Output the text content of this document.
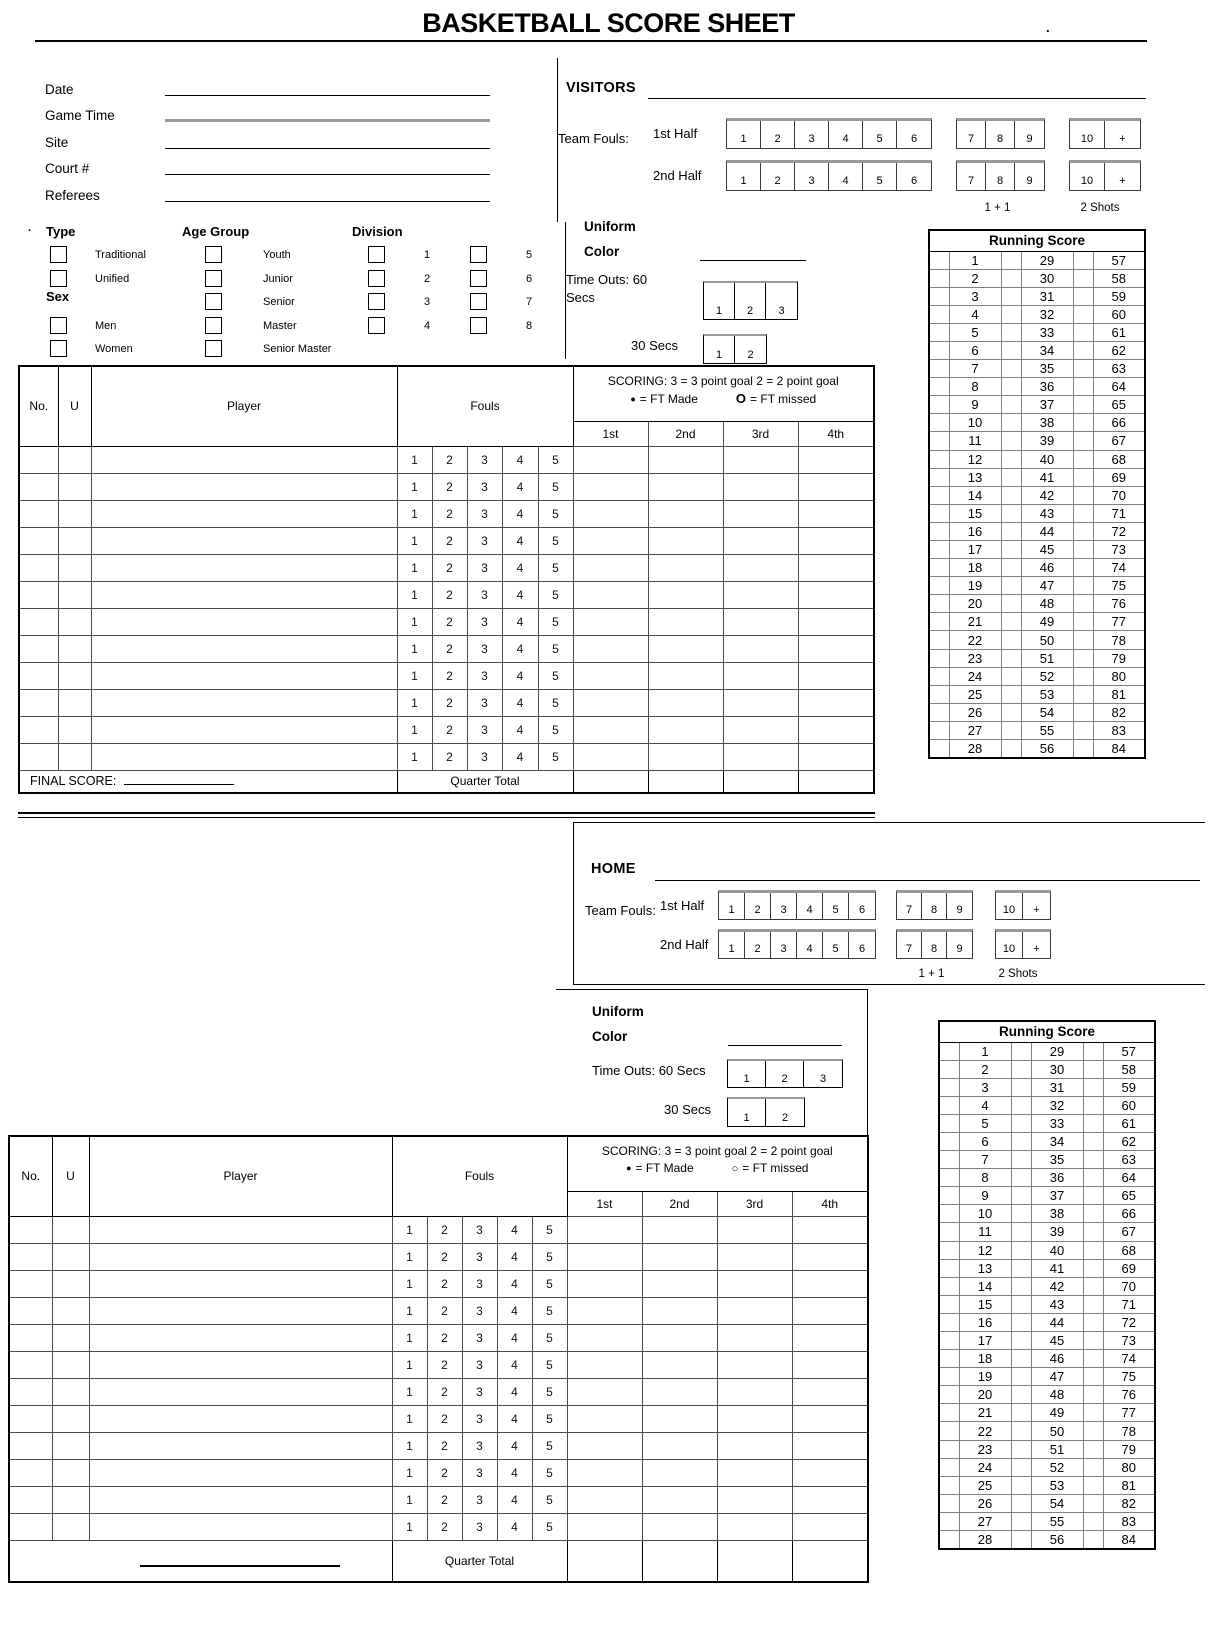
BASKETBALL SCORE SHEET	.
.
Date
Game Time
Site
Court #
Referees
VISITORS
Team Fouls: 1st Half	1	2	3	4	5	6	7	8	9	10	+
2nd Half	1	2	3	4	5	6	7	8	9	10	+
1 + 1	2 Shots
Type
Traditional
Unified
Sex
Men
Women
Age Group
Youth
Junior
Senior
Master
Senior Master
Division
1
2
3
4
5
6
7
8
Uniform
Color
Time Outs: 60
Secs
1	2	3
30 Secs
1	2
Running Score					
	1		29		57
	2		30		58
	3		31		59
	4		32		60
	5		33		61
	6		34		62
	7		35		63
	8		36		64
	9		37		65
	10		38		66
	11		39		67
	12		40		68
	13		41		69
	14		42		70
	15		43		71
	16		44		72
	17		45		73
	18		46		74
	19		47		75
	20		48		76
	21		49		77
	22		50		78
	23		51		79
	24		52		80
	25		53		81
	26		54		82
	27		55		83
	28		56		84
No.	U	Player	Fouls					SCORING: 3 = 3 point goal 2 = 2 point goal
● = FT Made O = FT missed			

								1st	2nd	3rd	4th
			1	2	3	4	5				
			1	2	3	4	5				
			1	2	3	4	5				
			1	2	3	4	5				
			1	2	3	4	5				
			1	2	3	4	5				
			1	2	3	4	5				
			1	2	3	4	5				
			1	2	3	4	5				
			1	2	3	4	5				
			1	2	3	4	5				
			1	2	3	4	5				
FINAL SCORE:			Quarter Total								
HOME
Team Fouls: 1st Half	1	2	3	4	5	6	7	8	9	10	+
2nd Half	1	2	3	4	5	6	7	8	9	10	+
1 + 1	2 Shots
Uniform
Color
Time Outs: 60 Secs
1	2	3
30 Secs
1	2
Running Score					
	1		29		57
	2		30		58
	3		31		59
	4		32		60
	5		33		61
	6		34		62
	7		35		63
	8		36		64
	9		37		65
	10		38		66
	11		39		67
	12		40		68
	13		41		69
	14		42		70
	15		43		71
	16		44		72
	17		45		73
	18		46		74
	19		47		75
	20		48		76
	21		49		77
	22		50		78
	23		51		79
	24		52		80
	25		53		81
	26		54		82
	27		55		83
	28		56		84
No.	U	Player	Fouls					SCORING: 3 = 3 point goal 2 = 2 point goal
● = FT Made ○ = FT missed			

								1st	2nd	3rd	4th
			1	2	3	4	5				
			1	2	3	4	5				
			1	2	3	4	5				
			1	2	3	4	5				
			1	2	3	4	5				
			1	2	3	4	5				
			1	2	3	4	5				
			1	2	3	4	5				
			1	2	3	4	5				
			1	2	3	4	5				
			1	2	3	4	5				
			1	2	3	4	5				

			Quarter Total								
